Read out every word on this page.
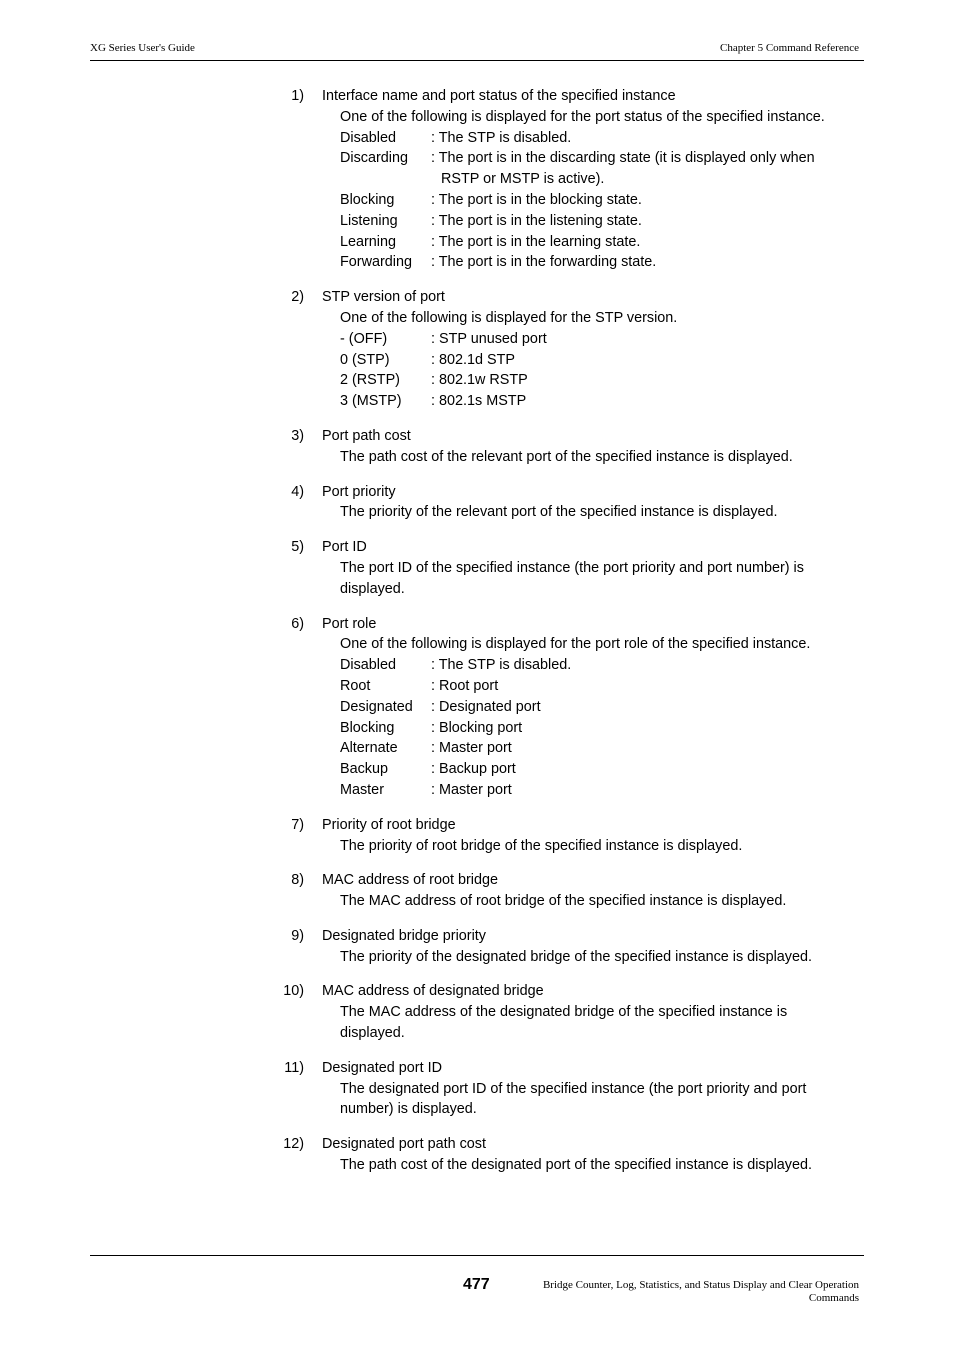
XG Series User's Guide	Chapter 5 Command Reference
1) Interface name and port status of the specified instance
One of the following is displayed for the port status of the specified instance.
Disabled : The STP is disabled.
Discarding : The port is in the discarding state (it is displayed only when
RSTP or MSTP is active).
Blocking	: The port is in the blocking state.
Listening : The port is in the listening state.
Learning : The port is in the learning state.
Forwarding : The port is in the forwarding state.
2) STP version of port
One of the following is displayed for the STP version.
- (OFF)	: STP unused port
0 (STP)	: 802.1d STP
2 (RSTP) : 802.1w RSTP
3 (MSTP) : 802.1s MSTP
3) Port path cost
The path cost of the relevant port of the specified instance is displayed.
4) Port priority
The priority of the relevant port of the specified instance is displayed.
5) Port ID
The port ID of the specified instance (the port priority and port number) is
displayed.
6) Port role
One of the following is displayed for the port role of the specified instance.
Disabled : The STP is disabled.
Root	: Root port
Designated : Designated port
Blocking	: Blocking port
Alternate : Master port
Backup	: Backup port
Master	: Master port
7) Priority of root bridge
The priority of root bridge of the specified instance is displayed.
8) MAC address of root bridge
The MAC address of root bridge of the specified instance is displayed.
9) Designated bridge priority
The priority of the designated bridge of the specified instance is displayed.
10) MAC address of designated bridge
The MAC address of the designated bridge of the specified instance is
displayed.
11) Designated port ID
The designated port ID of the specified instance (the port priority and port
number) is displayed.
12) Designated port path cost
The path cost of the designated port of the specified instance is displayed.
477	Bridge Counter, Log, Statistics, and Status Display and Clear Operation
Commands
